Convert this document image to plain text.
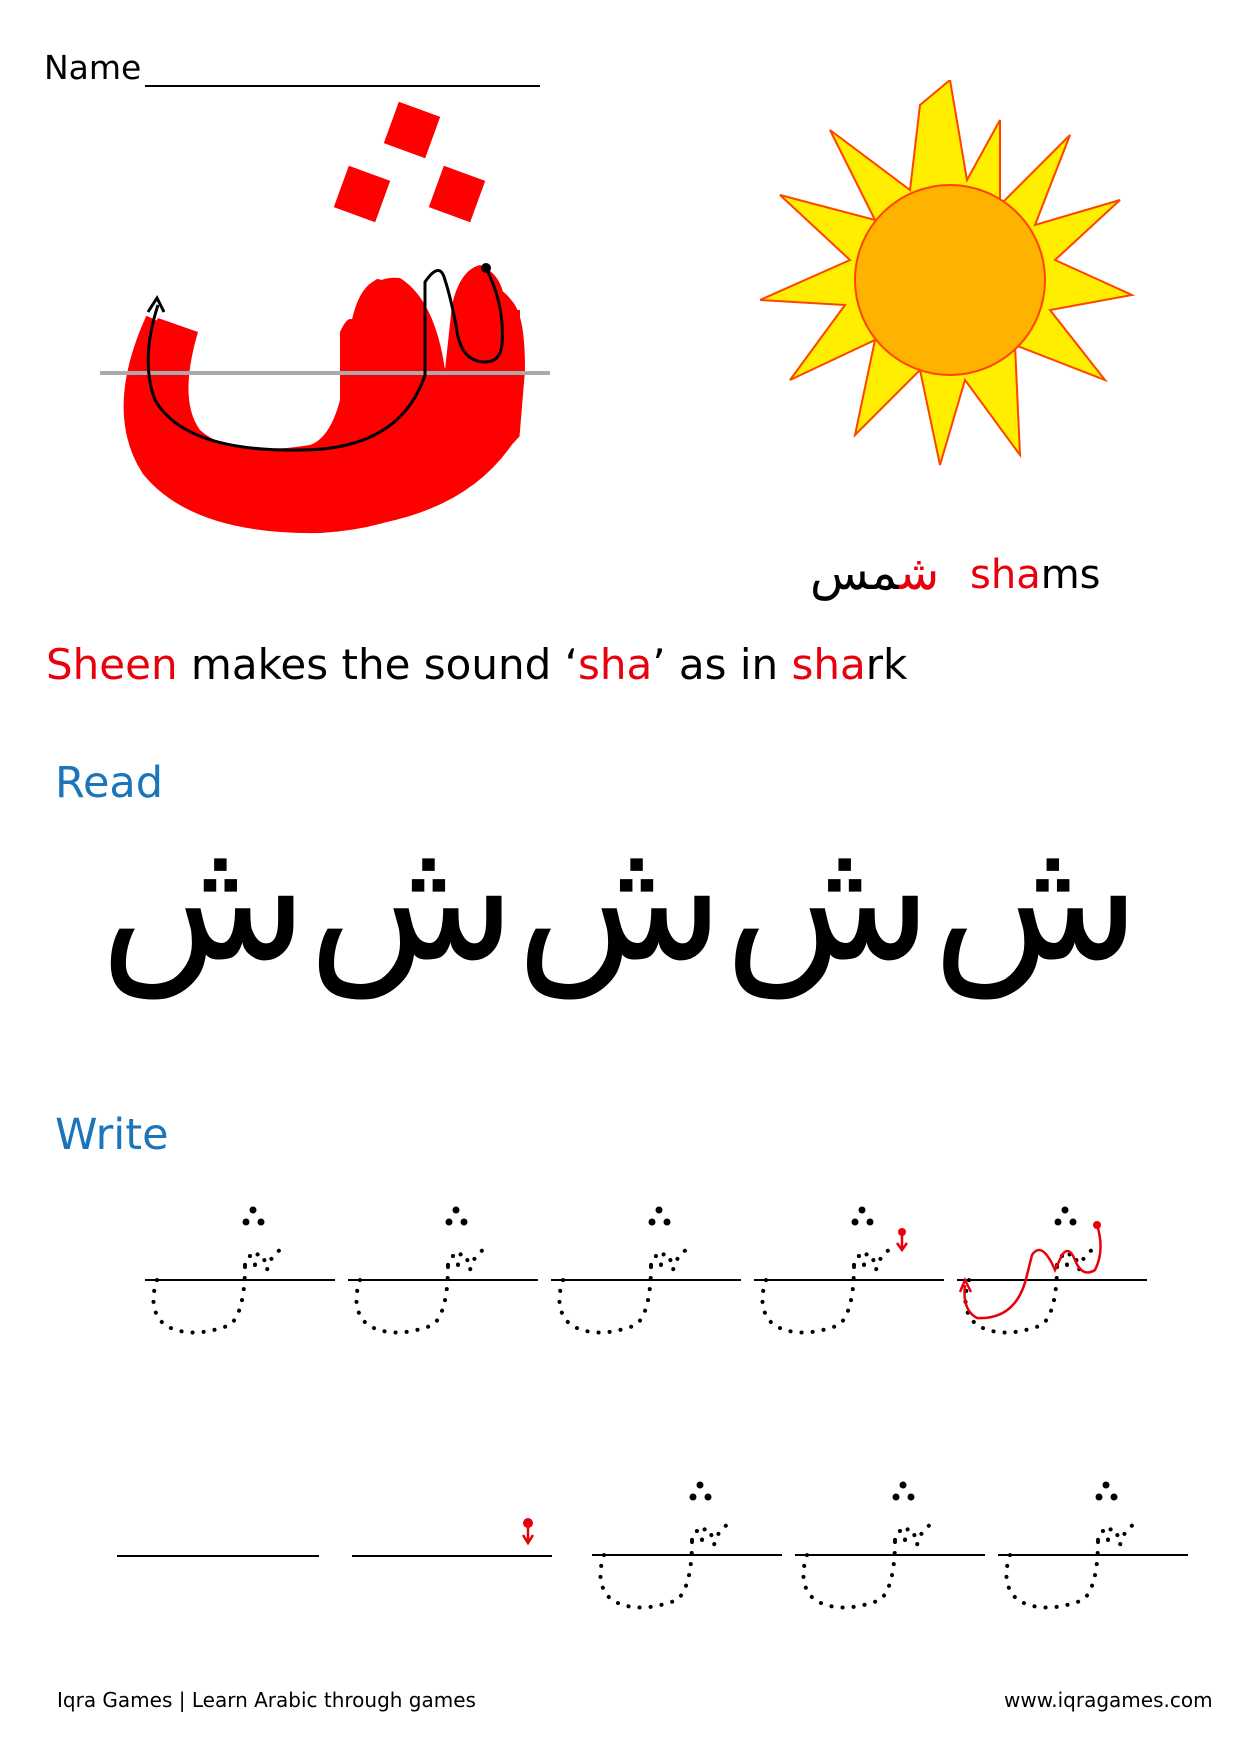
Name
شمس	shams
Sheen makes the sound ‘sha’ as in shark
Read
ش ش ش ش ش
Write
Iqra Games | Learn Arabic through games	www.iqragames.com
